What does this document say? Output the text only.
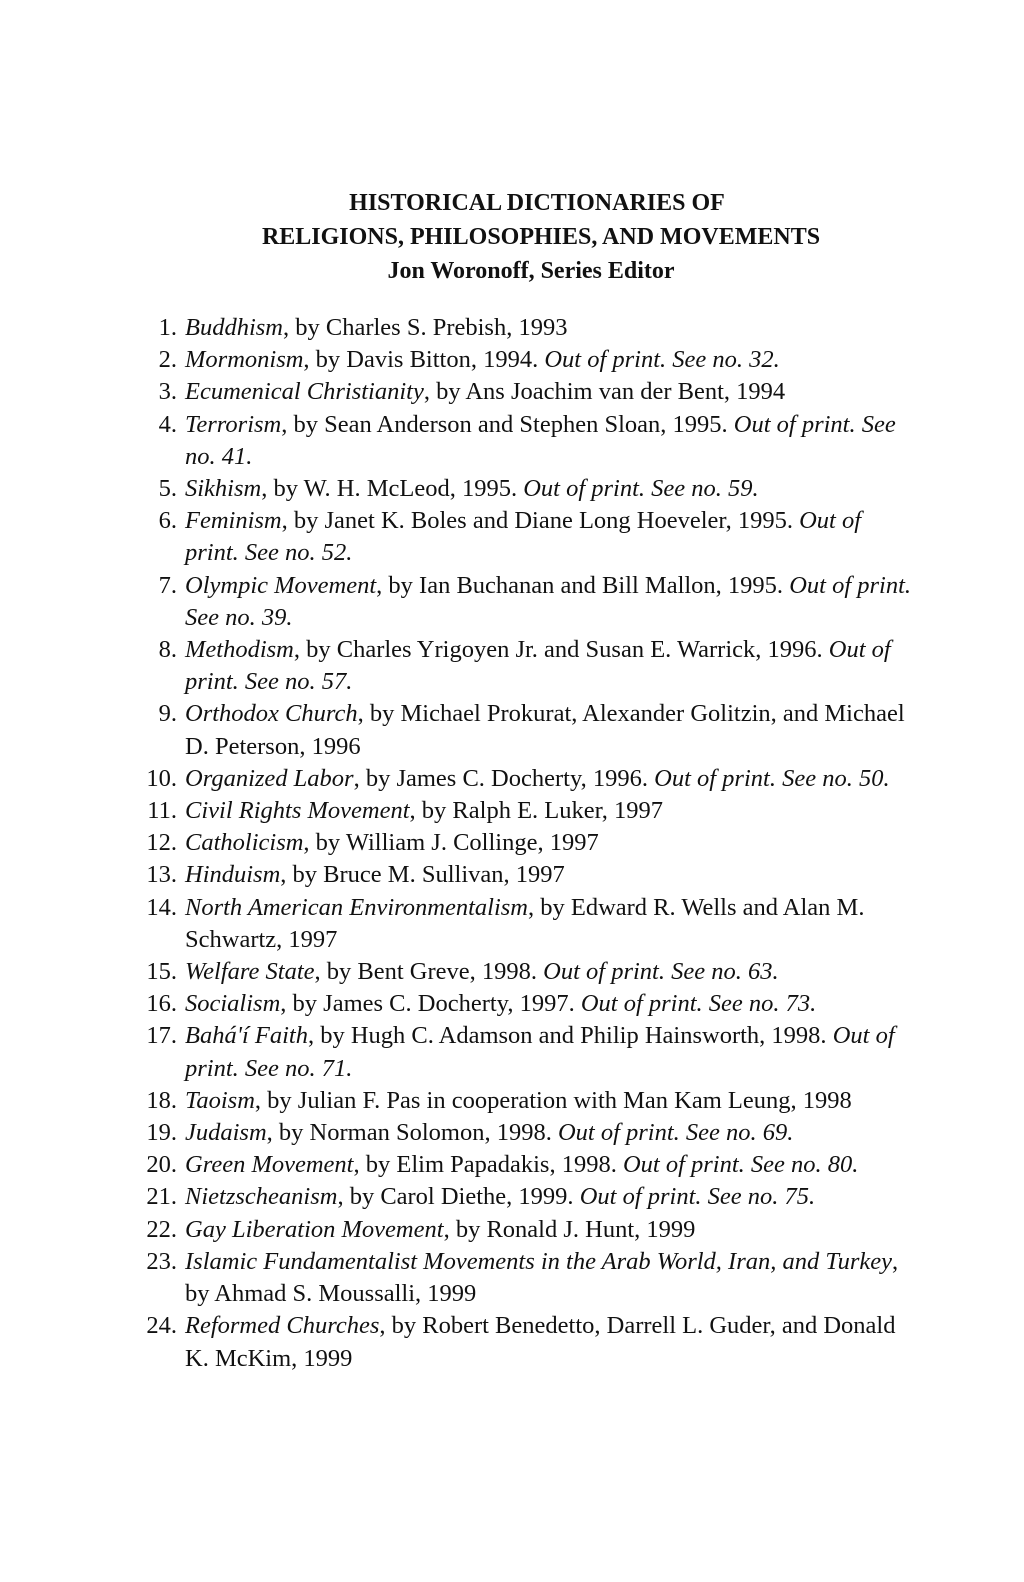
HISTORICAL DICTIONARIES OF
RELIGIONS, PHILOSOPHIES, AND MOVEMENTS
Jon Woronoff, Series Editor
1. Buddhism, by Charles S. Prebish, 1993
2. Mormonism, by Davis Bitton, 1994. Out of print. See no. 32.
3. Ecumenical Christianity, by Ans Joachim van der Bent, 1994
4. Terrorism, by Sean Anderson and Stephen Sloan, 1995. Out of print. See no. 41.
5. Sikhism, by W. H. McLeod, 1995. Out of print. See no. 59.
6. Feminism, by Janet K. Boles and Diane Long Hoeveler, 1995. Out of print. See no. 52.
7. Olympic Movement, by Ian Buchanan and Bill Mallon, 1995. Out of print. See no. 39.
8. Methodism, by Charles Yrigoyen Jr. and Susan E. Warrick, 1996. Out of print. See no. 57.
9. Orthodox Church, by Michael Prokurat, Alexander Golitzin, and Michael D. Peterson, 1996
10. Organized Labor, by James C. Docherty, 1996. Out of print. See no. 50.
11. Civil Rights Movement, by Ralph E. Luker, 1997
12. Catholicism, by William J. Collinge, 1997
13. Hinduism, by Bruce M. Sullivan, 1997
14. North American Environmentalism, by Edward R. Wells and Alan M. Schwartz, 1997
15. Welfare State, by Bent Greve, 1998. Out of print. See no. 63.
16. Socialism, by James C. Docherty, 1997. Out of print. See no. 73.
17. Bahá'í Faith, by Hugh C. Adamson and Philip Hainsworth, 1998. Out of print. See no. 71.
18. Taoism, by Julian F. Pas in cooperation with Man Kam Leung, 1998
19. Judaism, by Norman Solomon, 1998. Out of print. See no. 69.
20. Green Movement, by Elim Papadakis, 1998. Out of print. See no. 80.
21. Nietzscheanism, by Carol Diethe, 1999. Out of print. See no. 75.
22. Gay Liberation Movement, by Ronald J. Hunt, 1999
23. Islamic Fundamentalist Movements in the Arab World, Iran, and Turkey, by Ahmad S. Moussalli, 1999
24. Reformed Churches, by Robert Benedetto, Darrell L. Guder, and Donald K. McKim, 1999
